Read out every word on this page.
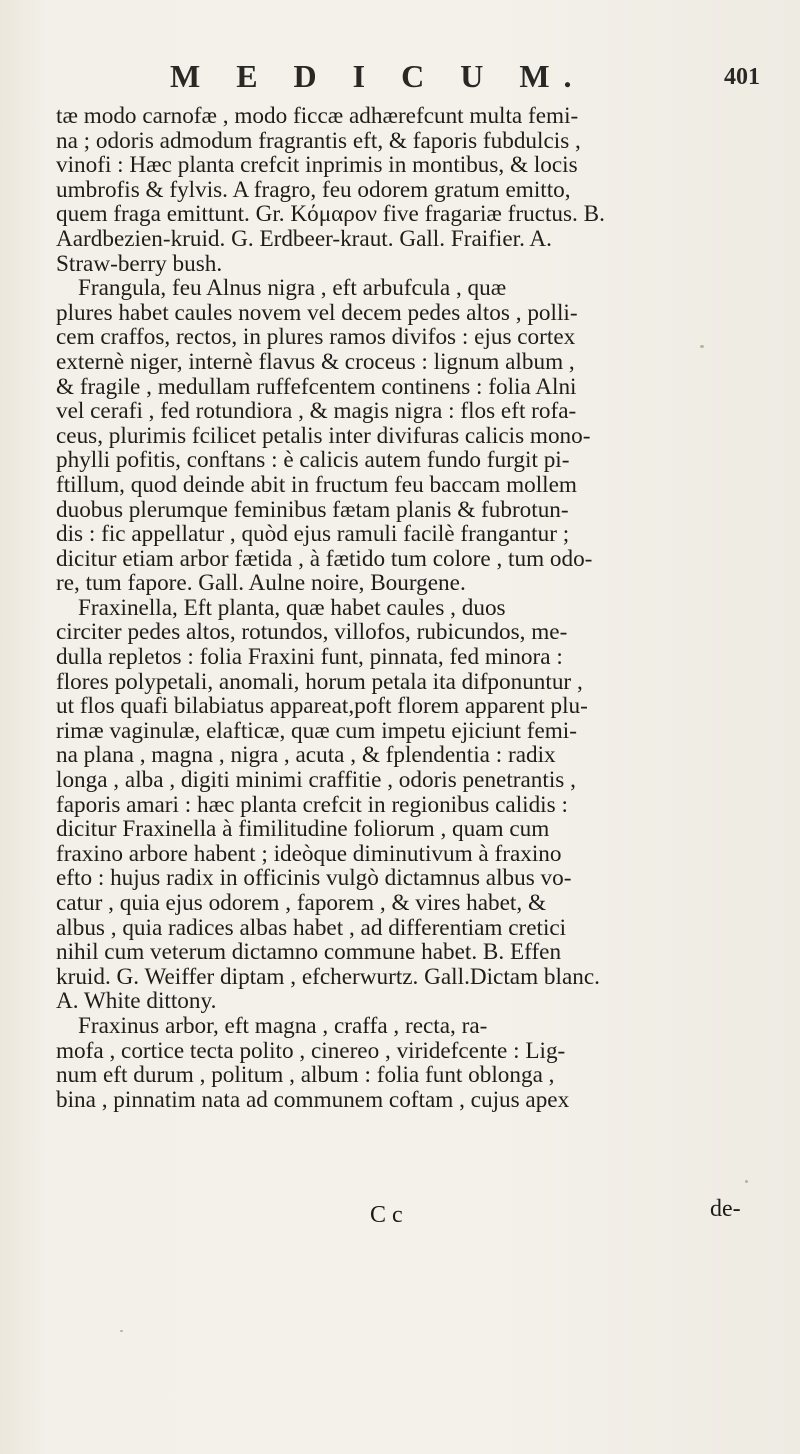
M E D I C U M.	401
tæ modo carnofæ , modo ficcæ adhærefcunt multa femi-
na ; odoris admodum fragrantis eft, & faporis fubdulcis ,
vinofi : Hæc planta crefcit inprimis in montibus, & locis
umbrofis & fylvis. A fragro, feu odorem gratum emitto,
quem fraga emittunt. Gr. Κόμαρον five fragariæ fructus. B.
Aardbezien-kruid. G. Erdbeer-kraut. Gall. Fraifier. A.
Straw-berry bush.
Frangula, feu Alnus nigra , eft arbufcula , quæ
plures habet caules novem vel decem pedes altos , polli-
cem craffos, rectos, in plures ramos divifos : ejus cortex
externè niger, internè flavus & croceus : lignum album ,
& fragile , medullam ruffefcentem continens : folia Alni
vel cerafi , fed rotundiora , & magis nigra : flos eft rofa-
ceus, plurimis fcilicet petalis inter divifuras calicis mono-
phylli pofitis, conftans : è calicis autem fundo furgit pi-
ftillum, quod deinde abit in fructum feu baccam mollem
duobus plerumque feminibus fætam planis & fubrotun-
dis : fic appellatur , quòd ejus ramuli facilè frangantur ;
dicitur etiam arbor fætida , à fætido tum colore , tum odo-
re, tum fapore. Gall. Aulne noire, Bourgene.
Fraxinella, Eft planta, quæ habet caules , duos
circiter pedes altos, rotundos, villofos, rubicundos, me-
dulla repletos : folia Fraxini funt, pinnata, fed minora :
flores polypetali, anomali, horum petala ita difponuntur ,
ut flos quafi bilabiatus appareat,poft florem apparent plu-
rimæ vaginulæ, elafticæ, quæ cum impetu ejiciunt femi-
na plana , magna , nigra , acuta , & fplendentia : radix
longa , alba , digiti minimi craffitie , odoris penetrantis ,
faporis amari : hæc planta crefcit in regionibus calidis :
dicitur Fraxinella à fimilitudine foliorum , quam cum
fraxino arbore habent ; ideòque diminutivum à fraxino
efto : hujus radix in officinis vulgò dictamnus albus vo-
catur , quia ejus odorem , faporem , & vires habet, &
albus , quia radices albas habet , ad differentiam cretici
nihil cum veterum dictamno commune habet. B. Effen
kruid. G. Weiffer diptam , efcherwurtz. Gall.Dictam blanc.
A. White dittony.
Fraxinus arbor, eft magna , craffa , recta, ra-
mofa , cortice tecta polito , cinereo , viridefcente : Lig-
num eft durum , politum , album : folia funt oblonga ,
bina , pinnatim nata ad communem coftam , cujus apex
C c	de-
